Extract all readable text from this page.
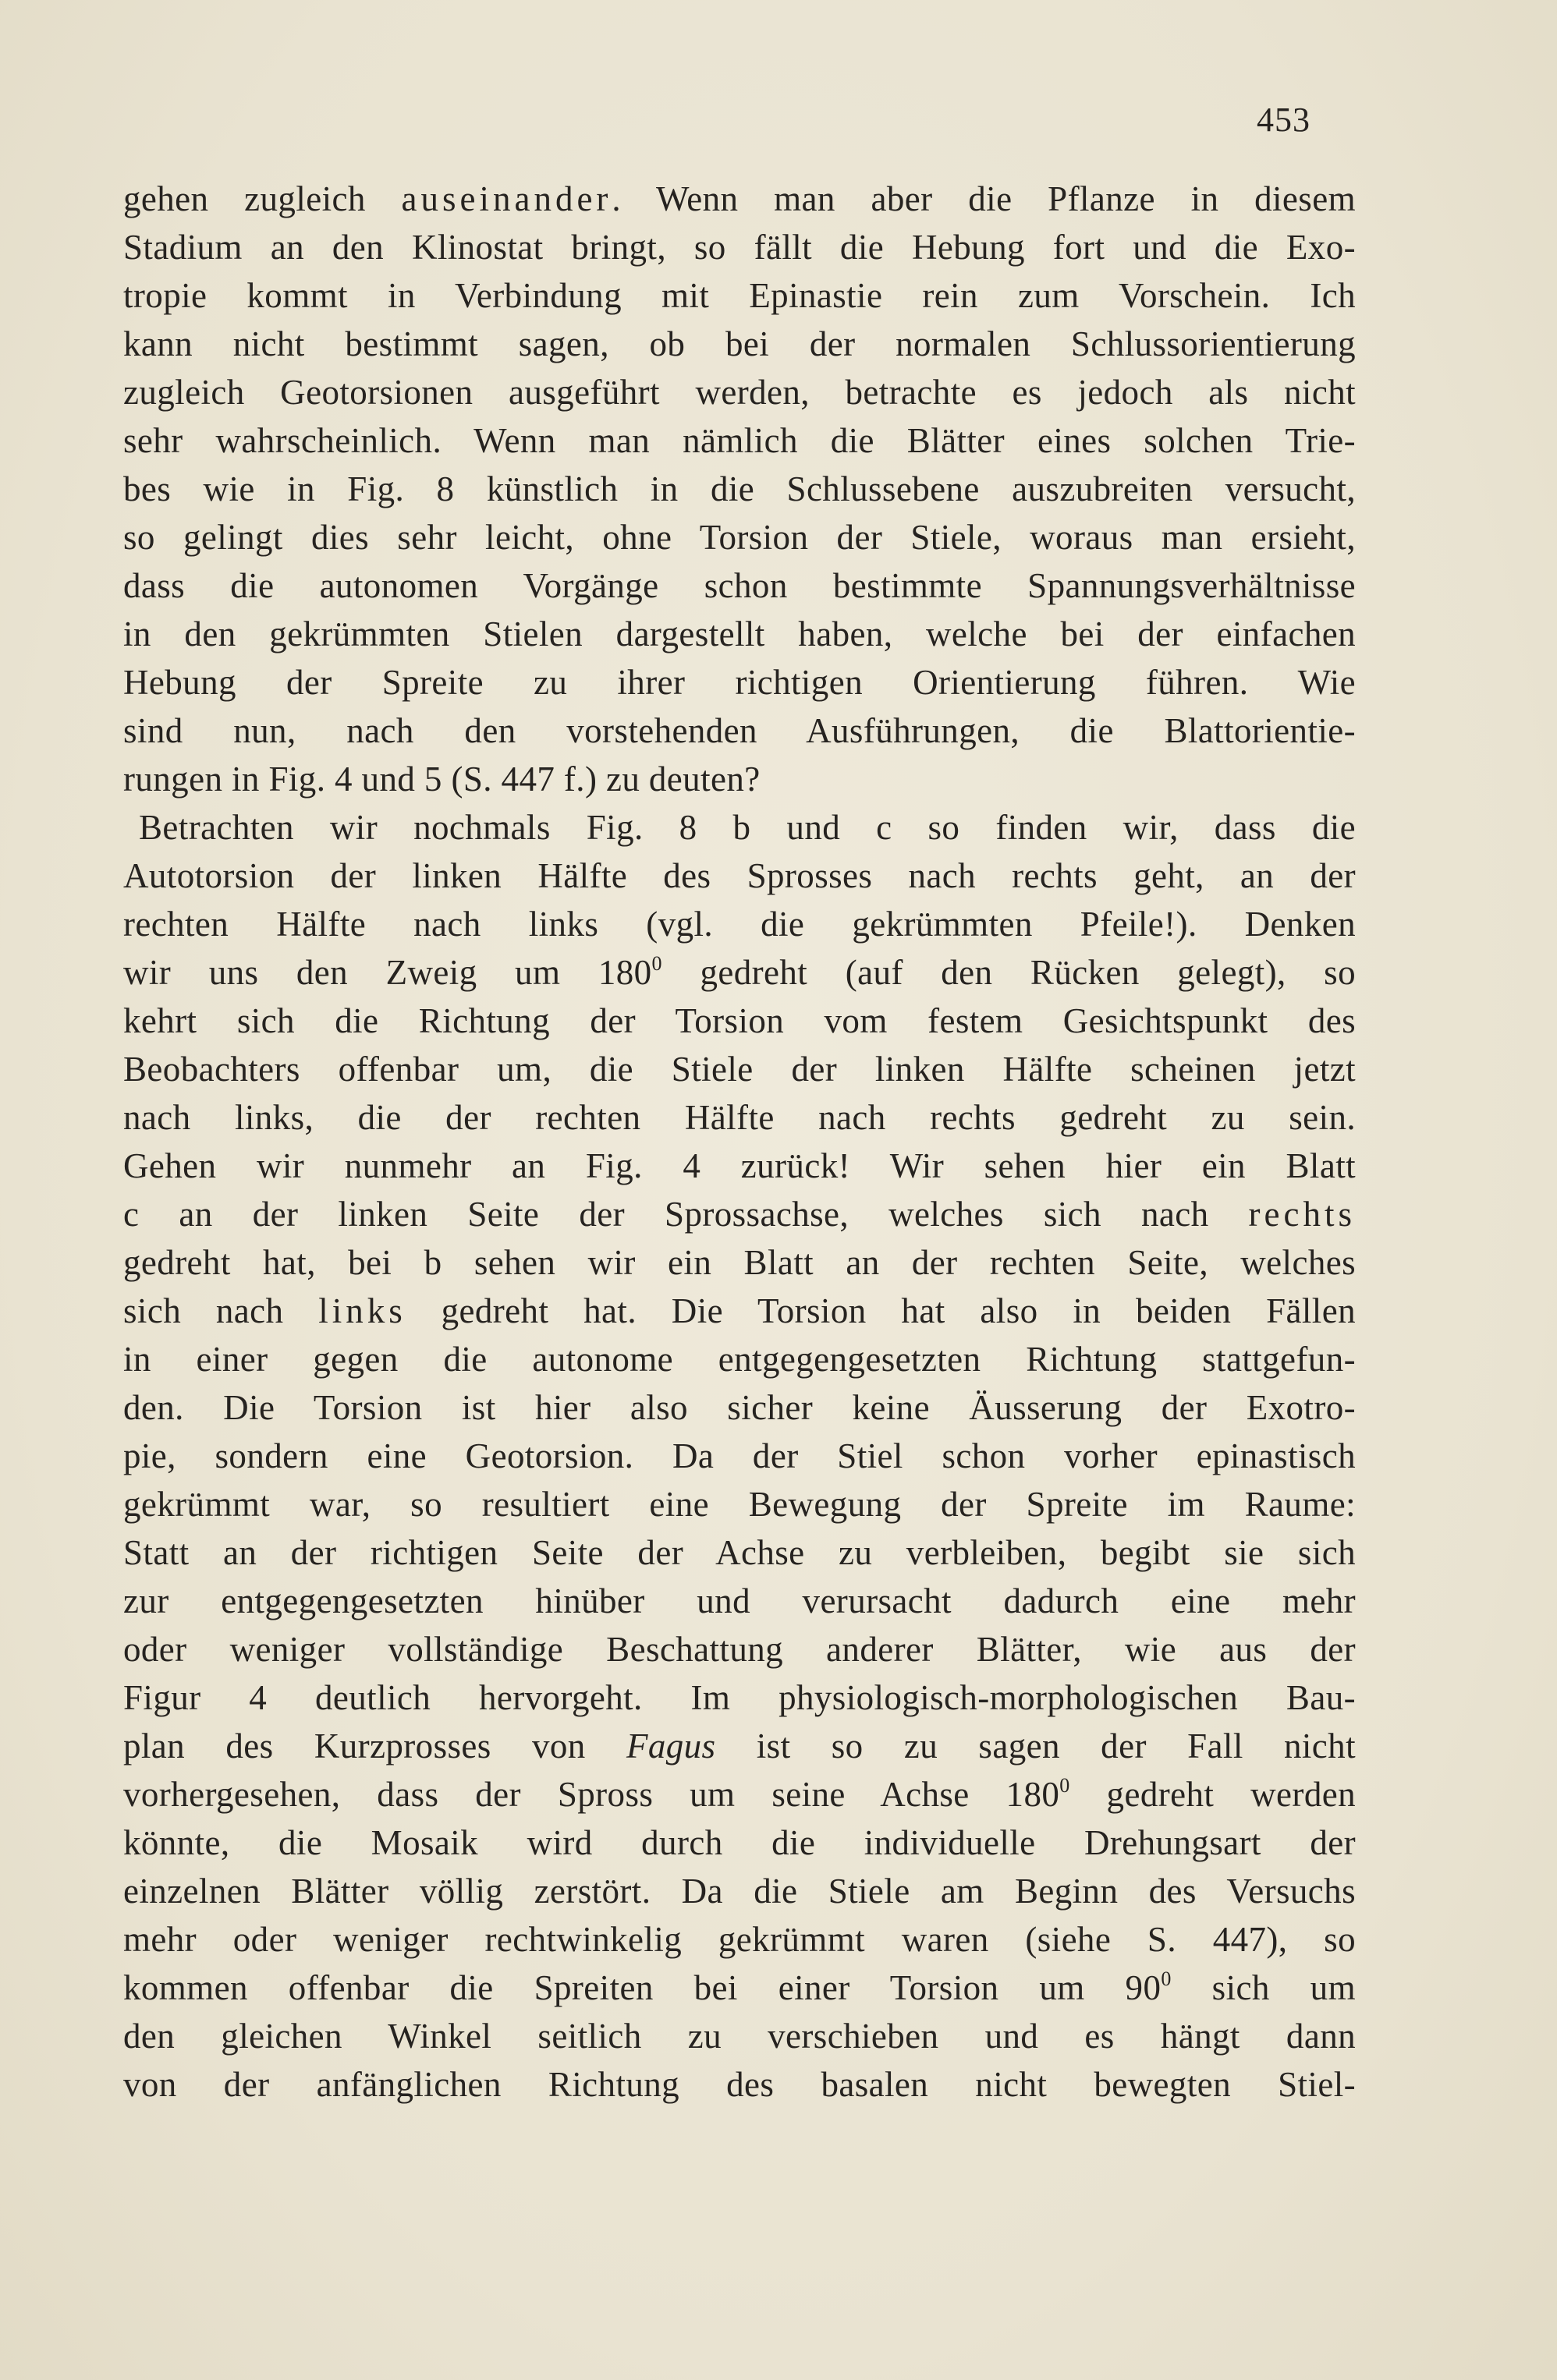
453
gehen zugleich auseinander. Wenn man aber die Pflanze in diesem
Stadium an den Klinostat bringt, so fällt die Hebung fort und die Exo-
tropie kommt in Verbindung mit Epinastie rein zum Vorschein. Ich
kann nicht bestimmt sagen, ob bei der normalen Schlussorientierung
zugleich Geotorsionen ausgeführt werden, betrachte es jedoch als nicht
sehr wahrscheinlich. Wenn man nämlich die Blätter eines solchen Trie-
bes wie in Fig. 8 künstlich in die Schlussebene auszubreiten versucht,
so gelingt dies sehr leicht, ohne Torsion der Stiele, woraus man ersieht,
dass die autonomen Vorgänge schon bestimmte Spannungsverhältnisse
in den gekrümmten Stielen dargestellt haben, welche bei der einfachen
Hebung der Spreite zu ihrer richtigen Orientierung führen. Wie
sind nun, nach den vorstehenden Ausführungen, die Blattorientie-
rungen in Fig. 4 und 5 (S. 447 f.) zu deuten?
Betrachten wir nochmals Fig. 8 b und c so finden wir, dass die
Autotorsion der linken Hälfte des Sprosses nach rechts geht, an der
rechten Hälfte nach links (vgl. die gekrümmten Pfeile!). Denken
wir uns den Zweig um $180^0$ gedreht (auf den Rücken gelegt), so
kehrt sich die Richtung der Torsion vom festem Gesichtspunkt des
Beobachters offenbar um, die Stiele der linken Hälfte scheinen jetzt
nach links, die der rechten Hälfte nach rechts gedreht zu sein.
Gehen wir nunmehr an Fig. 4 zurück! Wir sehen hier ein Blatt
c an der linken Seite der Sprossachse, welches sich nach rechts
gedreht hat, bei b sehen wir ein Blatt an der rechten Seite, welches
sich nach links gedreht hat. Die Torsion hat also in beiden Fällen
in einer gegen die autonome entgegengesetzten Richtung stattgefun-
den. Die Torsion ist hier also sicher keine Äusserung der Exotro-
pie, sondern eine Geotorsion. Da der Stiel schon vorher epinastisch
gekrümmt war, so resultiert eine Bewegung der Spreite im Raume:
Statt an der richtigen Seite der Achse zu verbleiben, begibt sie sich
zur entgegengesetzten hinüber und verursacht dadurch eine mehr
oder weniger vollständige Beschattung anderer Blätter, wie aus der
Figur 4 deutlich hervorgeht. Im physiologisch-morphologischen Bau-
plan des Kurzprosses von Fagus ist so zu sagen der Fall nicht
vorhergesehen, dass der Spross um seine Achse $180^0$ gedreht werden
könnte, die Mosaik wird durch die individuelle Drehungsart der
einzelnen Blätter völlig zerstört. Da die Stiele am Beginn des Versuchs
mehr oder weniger rechtwinkelig gekrümmt waren (siehe S. 447), so
kommen offenbar die Spreiten bei einer Torsion um $90^0$ sich um
den gleichen Winkel seitlich zu verschieben und es hängt dann
von der anfänglichen Richtung des basalen nicht bewegten Stiel-
